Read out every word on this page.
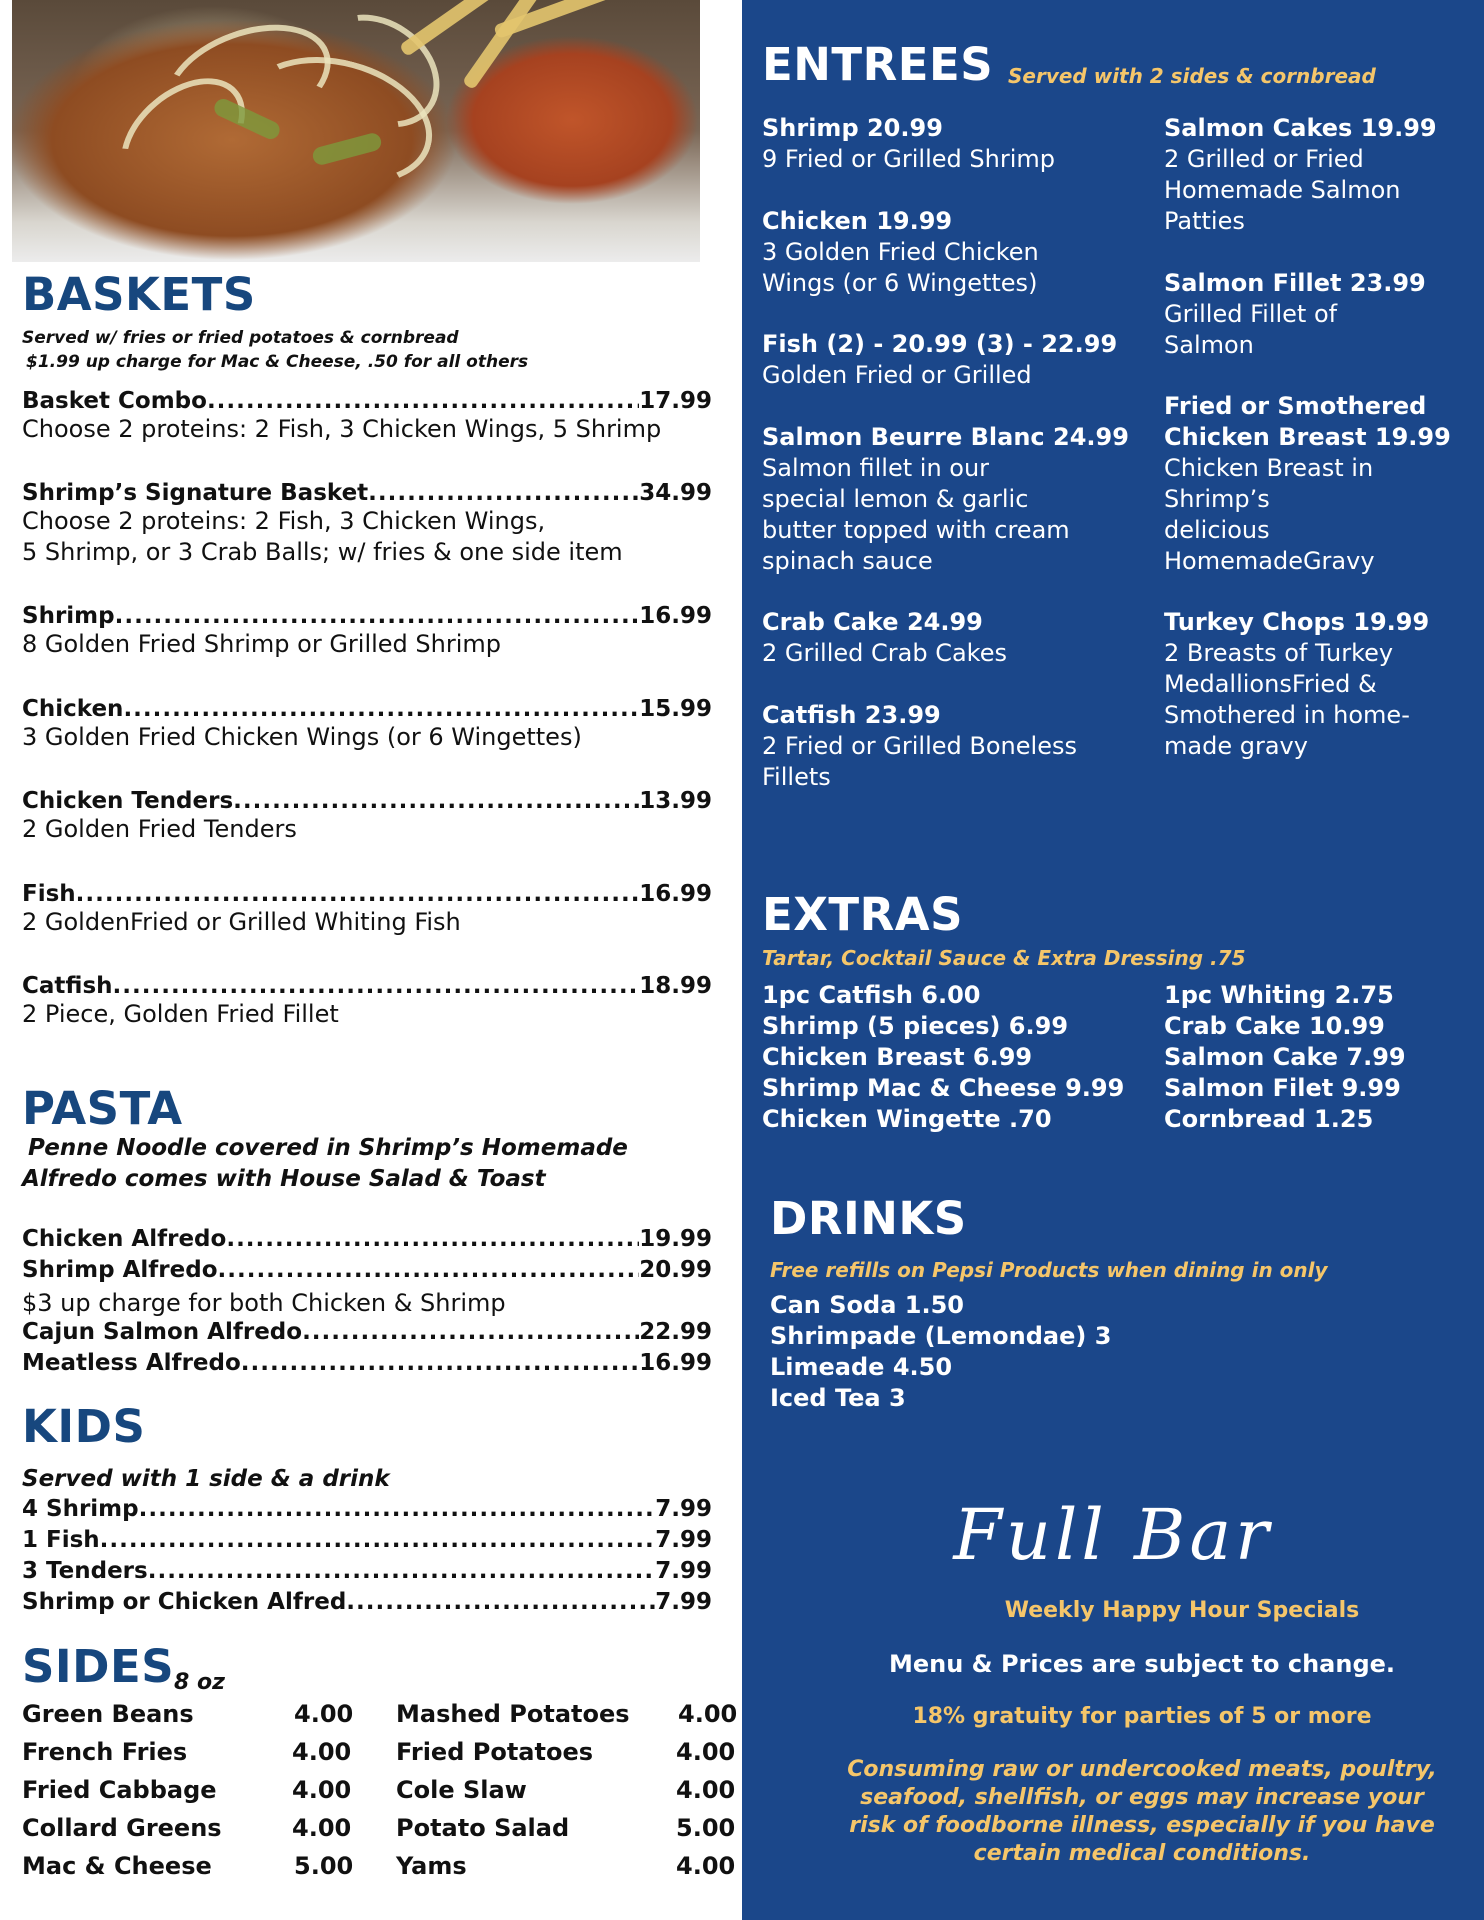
BASKETS
Served w/ fries or fried potatoes & cornbread
$1.99 up charge for Mac & Cheese, .50 for all others
Basket Combo .....	17.99
Choose 2 proteins: 2 Fish, 3 Chicken Wings, 5 Shrimp
Shrimp’s Signature Basket .....	34.99
Choose 2 proteins: 2 Fish, 3 Chicken Wings,
5 Shrimp, or 3 Crab Balls; w/ fries & one side item
Shrimp .....	16.99
8 Golden Fried Shrimp or Grilled Shrimp
Chicken .....	15.99
3 Golden Fried Chicken Wings (or 6 Wingettes)
Chicken Tenders .....	13.99
2 Golden Fried Tenders
Fish .....	16.99
2 GoldenFried or Grilled Whiting Fish
Catfish .....	18.99
2 Piece, Golden Fried Fillet
PASTA
Penne Noodle covered in Shrimp’s Homemade
Alfredo comes with House Salad & Toast
Chicken Alfredo .....	19.99
Shrimp Alfredo .....	20.99
$3 up charge for both Chicken & Shrimp
Cajun Salmon Alfredo .....	22.99
Meatless Alfredo .....	16.99
KIDS
Served with 1 side & a drink
4 Shrimp .....	7.99
1 Fish .....	7.99
3 Tenders .....	7.99
Shrimp or Chicken Alfred .....	7.99
SIDES 8 oz
Green Beans	4.00
French Fries	4.00
Fried Cabbage	4.00
Collard Greens	4.00
Mac & Cheese	5.00
Mashed Potatoes 4.00
Fried Potatoes	4.00
Cole Slaw	4.00
Potato Salad	5.00
Yams	4.00
ENTREES Served with 2 sides & cornbread
Shrimp 20.99
9 Fried or Grilled Shrimp
Chicken 19.99
3 Golden Fried Chicken
Wings (or 6 Wingettes)
Fish (2) - 20.99 (3) - 22.99
Golden Fried or Grilled
Salmon Beurre Blanc 24.99
Salmon fillet in our
special lemon & garlic
butter topped with cream
spinach sauce
Crab Cake 24.99
2 Grilled Crab Cakes
Catfish 23.99
2 Fried or Grilled Boneless
Fillets
Salmon Cakes 19.99
2 Grilled or Fried
Homemade Salmon
Patties
Salmon Fillet 23.99
Grilled Fillet of
Salmon
Fried or Smothered
Chicken Breast 19.99
Chicken Breast in
Shrimp’s
delicious
HomemadeGravy
Turkey Chops 19.99
2 Breasts of Turkey
MedallionsFried &
Smothered in home-
made gravy
EXTRAS
Tartar, Cocktail Sauce & Extra Dressing .75
1pc Catfish 6.00
Shrimp (5 pieces) 6.99
Chicken Breast 6.99
Shrimp Mac & Cheese 9.99
Chicken Wingette .70
1pc Whiting 2.75
Crab Cake 10.99
Salmon Cake 7.99
Salmon Filet 9.99
Cornbread 1.25
DRINKS
Free refills on Pepsi Products when dining in only
Can Soda 1.50
Shrimpade (Lemondae) 3
Limeade 4.50
Iced Tea 3
Full Bar
Weekly Happy Hour Specials
Menu & Prices are subject to change.
18% gratuity for parties of 5 or more
Consuming raw or undercooked meats, poultry,
seafood, shellfish, or eggs may increase your
risk of foodborne illness, especially if you have
certain medical conditions.
